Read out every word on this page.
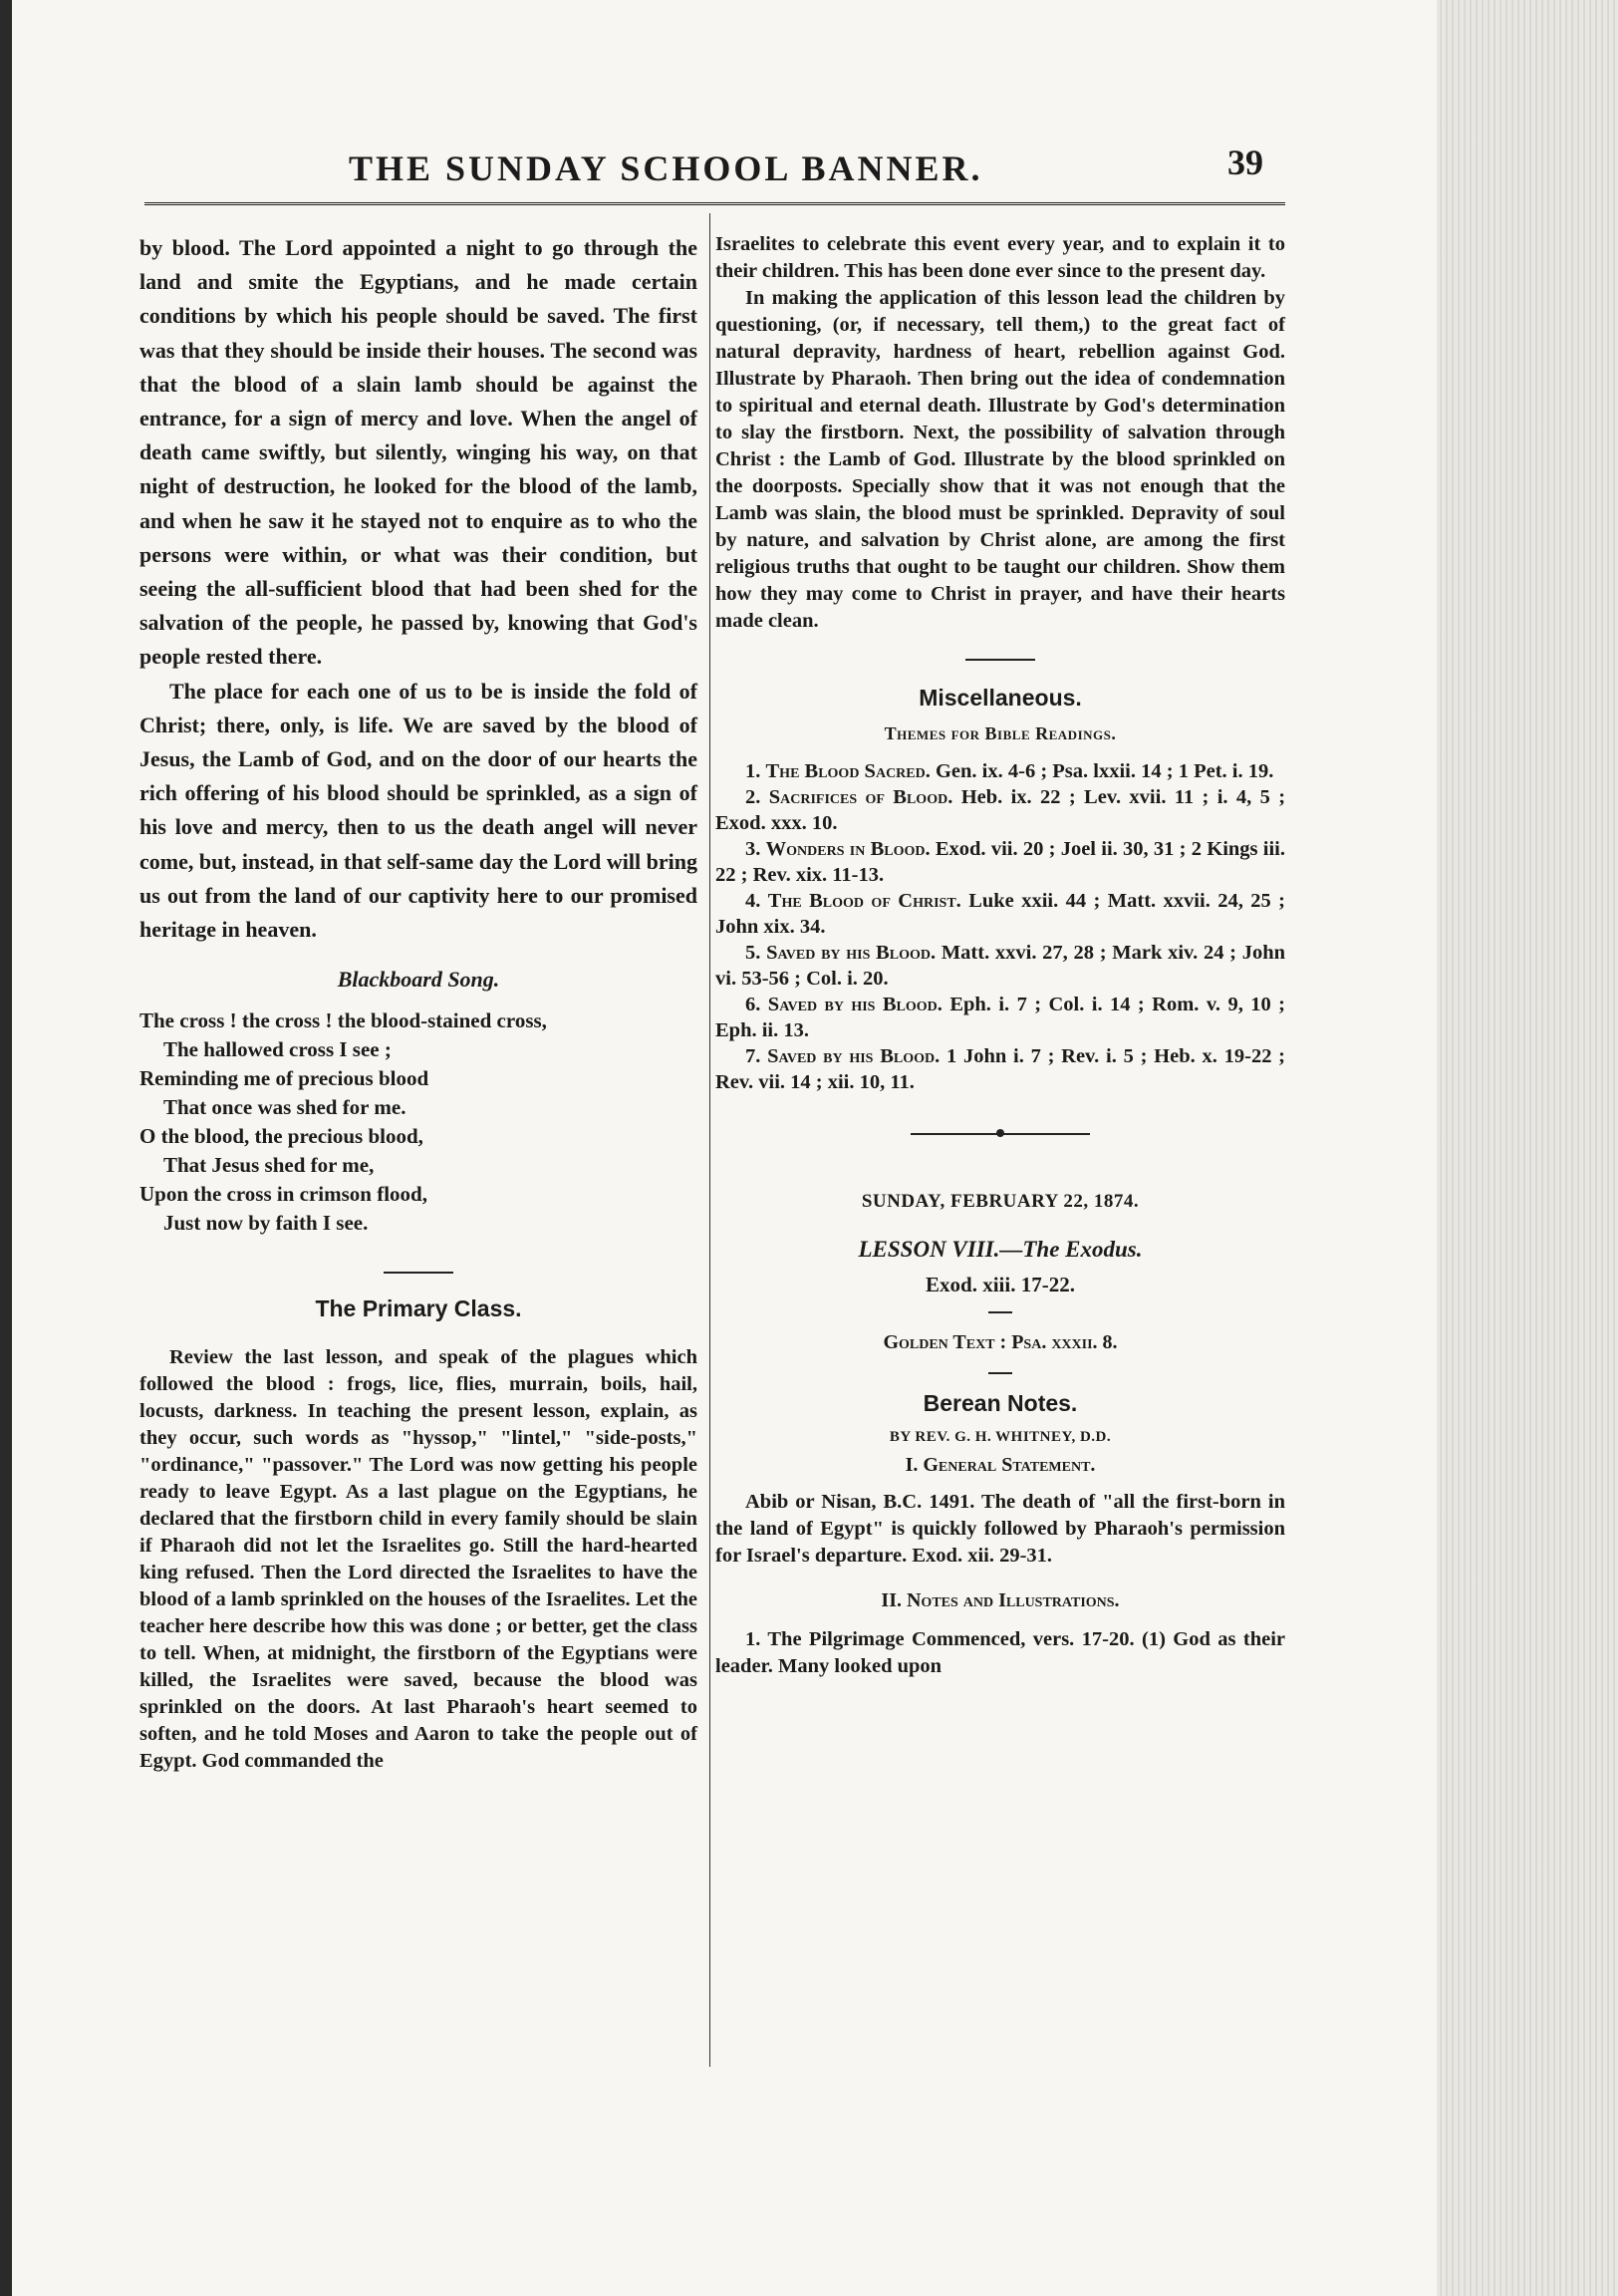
THE SUNDAY SCHOOL BANNER.	39

by blood. The Lord appointed a night to go through the land and smite the Egyptians, and he made certain conditions by which his people should be saved. The first was that they should be inside their houses. The second was that the blood of a slain lamb should be against the entrance, for a sign of mercy and love. When the angel of death came swiftly, but silently, winging his way, on that night of destruction, he looked for the blood of the lamb, and when he saw it he stayed not to enquire as to who the persons were within, or what was their condition, but seeing the all-sufficient blood that had been shed for the salvation of the people, he passed by, knowing that God's people rested there.

The place for each one of us to be is inside the fold of Christ; there, only, is life. We are saved by the blood of Jesus, the Lamb of God, and on the door of our hearts the rich offering of his blood should be sprinkled, as a sign of his love and mercy, then to us the death angel will never come, but, instead, in that self-same day the Lord will bring us out from the land of our captivity here to our promised heritage in heaven.

Blackboard Song.
The cross ! the cross ! the blood-stained cross,
The hallowed cross I see ;
Reminding me of precious blood
That once was shed for me.
O the blood, the precious blood,
That Jesus shed for me,
Upon the cross in crimson flood,
Just now by faith I see.
The Primary Class.

Review the last lesson, and speak of the plagues which followed the blood : frogs, lice, flies, murrain, boils, hail, locusts, darkness. In teaching the present lesson, explain, as they occur, such words as "hyssop," "lintel," "side-posts," "ordinance," "passover." The Lord was now getting his people ready to leave Egypt. As a last plague on the Egyptians, he declared that the firstborn child in every family should be slain if Pharaoh did not let the Israelites go. Still the hard-hearted king refused. Then the Lord directed the Israelites to have the blood of a lamb sprinkled on the houses of the Israelites. Let the teacher here describe how this was done ; or better, get the class to tell. When, at midnight, the firstborn of the Egyptians were killed, the Israelites were saved, because the blood was sprinkled on the doors. At last Pharaoh's heart seemed to soften, and he told Moses and Aaron to take the people out of Egypt. God commanded the

Israelites to celebrate this event every year, and to explain it to their children. This has been done ever since to the present day.

In making the application of this lesson lead the children by questioning, (or, if necessary, tell them,) to the great fact of natural depravity, hardness of heart, rebellion against God. Illustrate by Pharaoh. Then bring out the idea of condemnation to spiritual and eternal death. Illustrate by God's determination to slay the firstborn. Next, the possibility of salvation through Christ : the Lamb of God. Illustrate by the blood sprinkled on the doorposts. Specially show that it was not enough that the Lamb was slain, the blood must be sprinkled. Depravity of soul by nature, and salvation by Christ alone, are among the first religious truths that ought to be taught our children. Show them how they may come to Christ in prayer, and have their hearts made clean.

Miscellaneous.
Themes for Bible Readings.

1. The Blood Sacred. Gen. ix. 4-6 ; Psa. lxxii. 14 ; 1 Pet. i. 19.

2. Sacrifices of Blood. Heb. ix. 22 ; Lev. xvii. 11 ; i. 4, 5 ; Exod. xxx. 10.

3. Wonders in Blood. Exod. vii. 20 ; Joel ii. 30, 31 ; 2 Kings iii. 22 ; Rev. xix. 11-13.

4. The Blood of Christ. Luke xxii. 44 ; Matt. xxvii. 24, 25 ; John xix. 34.

5. Saved by his Blood. Matt. xxvi. 27, 28 ; Mark xiv. 24 ; John vi. 53-56 ; Col. i. 20.

6. Saved by his Blood. Eph. i. 7 ; Col. i. 14 ; Rom. v. 9, 10 ; Eph. ii. 13.

7. Saved by his Blood. 1 John i. 7 ; Rev. i. 5 ; Heb. x. 19-22 ; Rev. vii. 14 ; xii. 10, 11.

SUNDAY, FEBRUARY 22, 1874.
LESSON VIII.—The Exodus.
Exod. xiii. 17-22.
Golden Text : Psa. xxxii. 8.
Berean Notes.
BY REV. G. H. WHITNEY, D.D.
I. General Statement.

Abib or Nisan, B.C. 1491. The death of "all the first-born in the land of Egypt" is quickly followed by Pharaoh's permission for Israel's departure. Exod. xii. 29-31.

II. Notes and Illustrations.

1. The Pilgrimage Commenced, vers. 17-20. (1) God as their leader. Many looked upon
